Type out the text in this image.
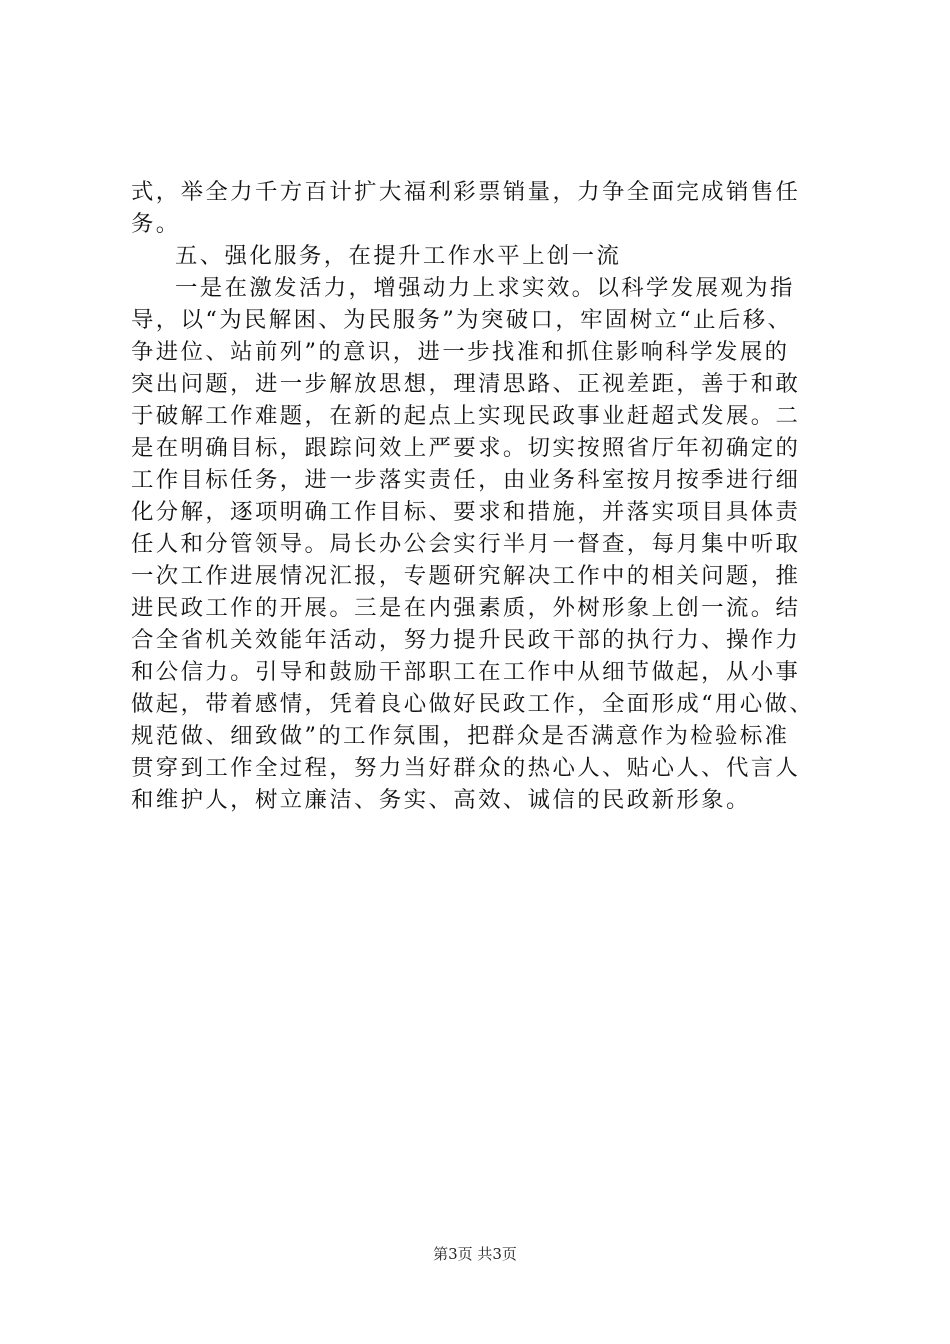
式，举全力千方百计扩大福利彩票销量，力争全面完成销售任
务。
五、强化服务，在提升工作水平上创一流
一是在激发活力，增强动力上求实效。以科学发展观为指
导，以“为民解困、为民服务”为突破口，牢固树立“止后移、
争进位、站前列”的意识，进一步找准和抓住影响科学发展的
突出问题，进一步解放思想，理清思路、正视差距，善于和敢
于破解工作难题，在新的起点上实现民政事业赶超式发展。二
是在明确目标，跟踪问效上严要求。切实按照省厅年初确定的
工作目标任务，进一步落实责任，由业务科室按月按季进行细
化分解，逐项明确工作目标、要求和措施，并落实项目具体责
任人和分管领导。局长办公会实行半月一督查，每月集中听取
一次工作进展情况汇报，专题研究解决工作中的相关问题，推
进民政工作的开展。三是在内强素质，外树形象上创一流。结
合全省机关效能年活动，努力提升民政干部的执行力、操作力
和公信力。引导和鼓励干部职工在工作中从细节做起，从小事
做起，带着感情，凭着良心做好民政工作，全面形成“用心做、
规范做、细致做”的工作氛围，把群众是否满意作为检验标准
贯穿到工作全过程，努力当好群众的热心人、贴心人、代言人
和维护人，树立廉洁、务实、高效、诚信的民政新形象。
第3页 共3页
